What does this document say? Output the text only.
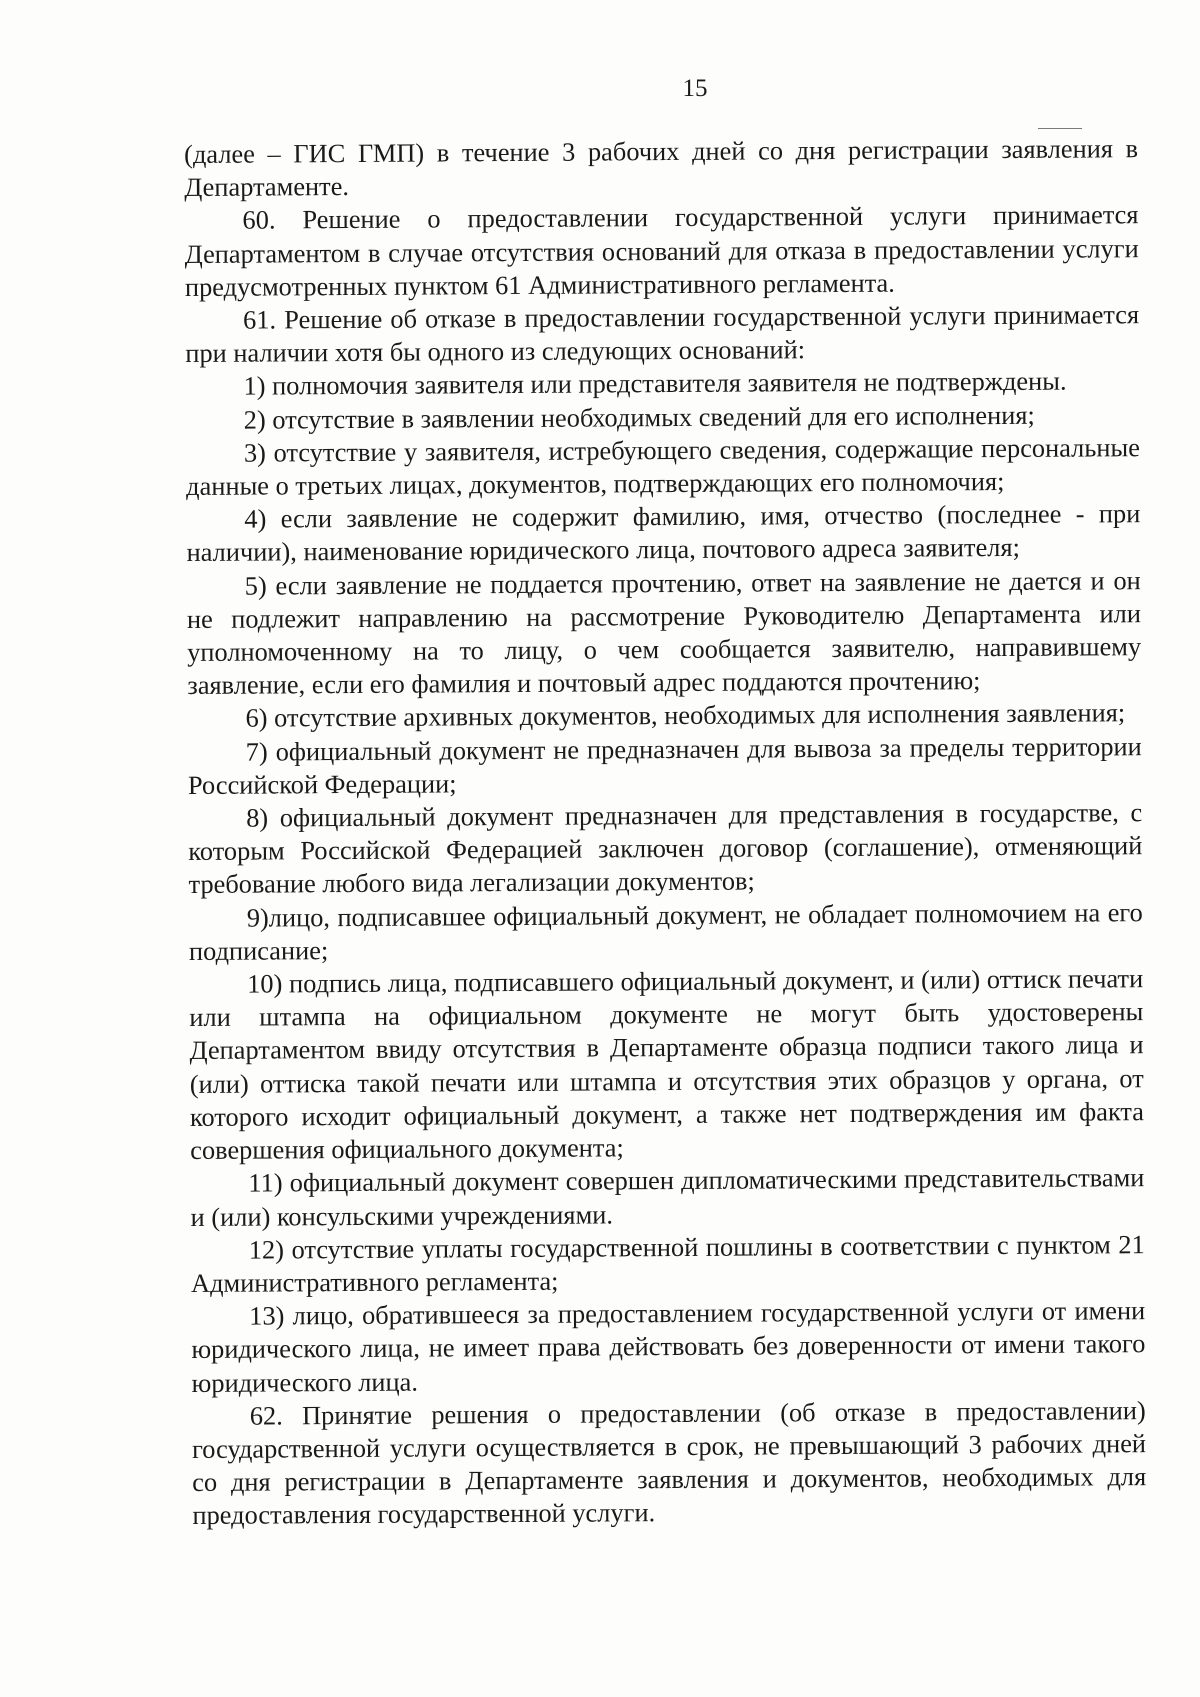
15

(далее – ГИС ГМП) в течение 3 рабочих дней со дня регистрации заявления в Департаменте.

60. Решение о предоставлении государственной услуги принимается Департаментом в случае отсутствия оснований для отказа в предоставлении услуги предусмотренных пунктом 61 Административного регламента.

61. Решение об отказе в предоставлении государственной услуги принимается при наличии хотя бы одного из следующих оснований:

1) полномочия заявителя или представителя заявителя не подтверждены.

2) отсутствие в заявлении необходимых сведений для его исполнения;

3) отсутствие у заявителя, истребующего сведения, содержащие персональные данные о третьих лицах, документов, подтверждающих его полномочия;

4) если заявление не содержит фамилию, имя, отчество (последнее - при наличии), наименование юридического лица, почтового адреса заявителя;

5) если заявление не поддается прочтению, ответ на заявление не дается и он не подлежит направлению на рассмотрение Руководителю Департамента или уполномоченному на то лицу, о чем сообщается заявителю, направившему заявление, если его фамилия и почтовый адрес поддаются прочтению;

6) отсутствие архивных документов, необходимых для исполнения заявления;

7) официальный документ не предназначен для вывоза за пределы территории Российской Федерации;

8) официальный документ предназначен для представления в государстве, с которым Российской Федерацией заключен договор (соглашение), отменяющий требование любого вида легализации документов;

9)лицо, подписавшее официальный документ, не обладает полномочием на его подписание;

10) подпись лица, подписавшего официальный документ, и (или) оттиск печати или штампа на официальном документе не могут быть удостоверены Департаментом ввиду отсутствия в Департаменте образца подписи такого лица и (или) оттиска такой печати или штампа и отсутствия этих образцов у органа, от которого исходит официальный документ, а также нет подтверждения им факта совершения официального документа;

11) официальный документ совершен дипломатическими представительствами и (или) консульскими учреждениями.

12) отсутствие уплаты государственной пошлины в соответствии с пунктом 21 Административного регламента;

13) лицо, обратившееся за предоставлением государственной услуги от имени юридического лица, не имеет права действовать без доверенности от имени такого юридического лица.

62. Принятие решения о предоставлении (об отказе в предоставлении) государственной услуги осуществляется в срок, не превышающий 3 рабочих дней со дня регистрации в Департаменте заявления и документов, необходимых для предоставления государственной услуги.
